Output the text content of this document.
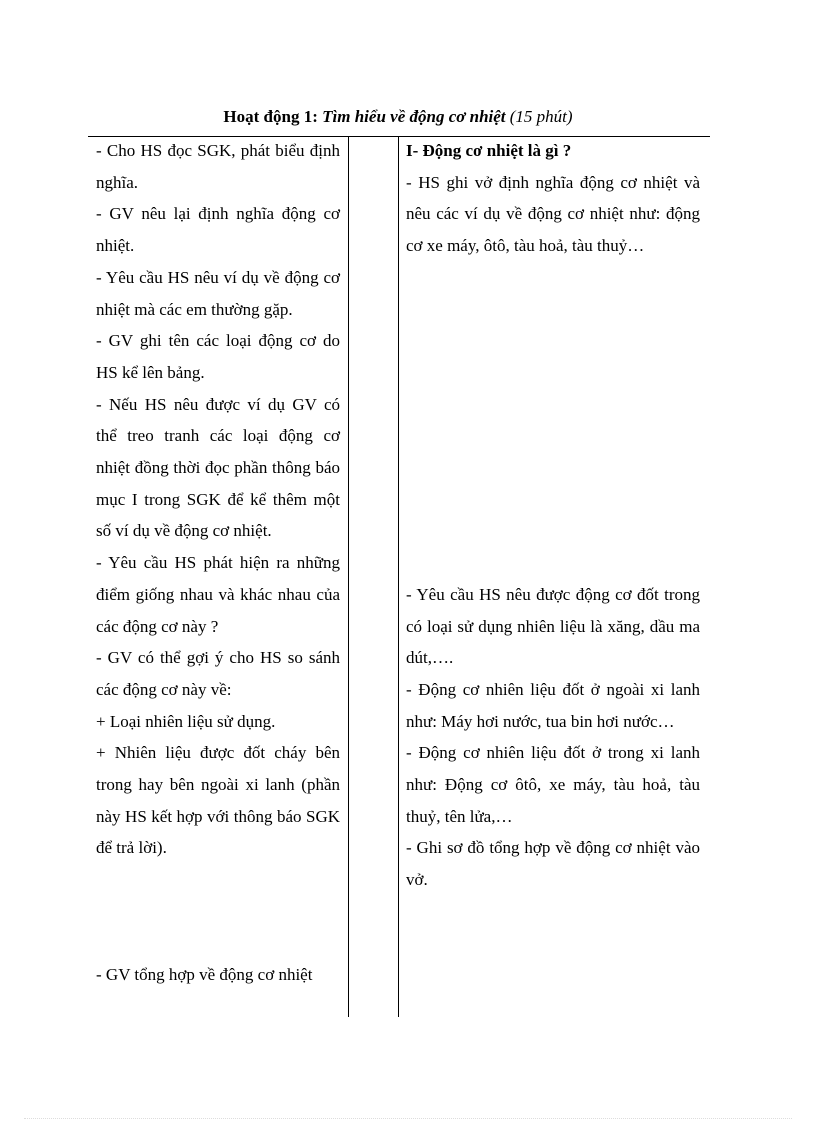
Hoạt động 1: Tìm hiểu về động cơ nhiệt (15 phút)

- Cho HS đọc SGK, phát biểu định nghĩa.

- GV nêu lại định nghĩa động cơ nhiệt.

- Yêu cầu HS nêu ví dụ về động cơ nhiệt mà các em thường gặp.

- GV ghi tên các loại động cơ do HS kể lên bảng.

- Nếu HS nêu được ví dụ GV có thể treo tranh các loại động cơ nhiệt đồng thời đọc phần thông báo mục I trong SGK để kể thêm một số ví dụ về động cơ nhiệt.

- Yêu cầu HS phát hiện ra những điểm giống nhau và khác nhau của các động cơ này ?

- GV có thể gợi ý cho HS so sánh các động cơ này về:

+ Loại nhiên liệu sử dụng.

+ Nhiên liệu được đốt cháy bên trong hay bên ngoài xi lanh (phần này HS kết hợp với thông báo SGK để trả lời).

- GV tổng hợp về động cơ nhiệt

I- Động cơ nhiệt là gì ?

- HS ghi vở định nghĩa động cơ nhiệt và nêu các ví dụ về động cơ nhiệt như: động cơ xe máy, ôtô, tàu hoả, tàu thuỷ…

- Yêu cầu HS nêu được động cơ đốt trong có loại sử dụng nhiên liệu là xăng, dầu ma dút,….

- Động cơ nhiên liệu đốt ở ngoài xi lanh như: Máy hơi nước, tua bin hơi nước…

- Động cơ nhiên liệu đốt ở trong xi lanh như: Động cơ ôtô, xe máy, tàu hoả, tàu thuỷ, tên lửa,…

- Ghi sơ đồ tổng hợp về động cơ nhiệt vào vở.
